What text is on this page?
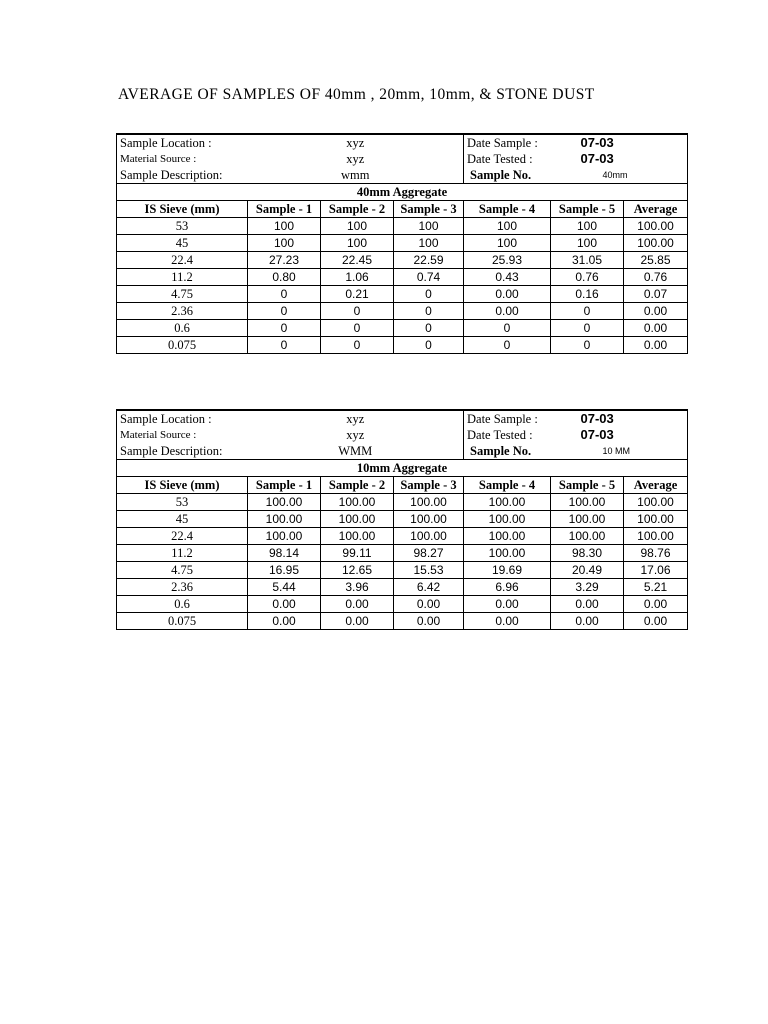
AVERAGE OF SAMPLES OF 40mm , 20mm, 10mm, & STONE DUST
Sample Location :	xyz			Date Sample :	07-03	
Material Source :	xyz			Date Tested :	07-03	
Sample Description:	wmm			Sample No.	40mm	
40mm Aggregate						
IS Sieve (mm)	Sample - 1	Sample - 2	Sample - 3	Sample - 4	Sample - 5	Average
53	100	100	100	100	100	100.00
45	100	100	100	100	100	100.00
22.4	27.23	22.45	22.59	25.93	31.05	25.85
11.2	0.80	1.06	0.74	0.43	0.76	0.76
4.75	0	0.21	0	0.00	0.16	0.07
2.36	0	0	0	0.00	0	0.00
0.6	0	0	0	0	0	0.00
0.075	0	0	0	0	0	0.00
Sample Location :	xyz			Date Sample :	07-03	
Material Source :	xyz			Date Tested :	07-03	
Sample Description:	WMM			Sample No.	10 MM	
10mm Aggregate						
IS Sieve (mm)	Sample - 1	Sample - 2	Sample - 3	Sample - 4	Sample - 5	Average
53	100.00	100.00	100.00	100.00	100.00	100.00
45	100.00	100.00	100.00	100.00	100.00	100.00
22.4	100.00	100.00	100.00	100.00	100.00	100.00
11.2	98.14	99.11	98.27	100.00	98.30	98.76
4.75	16.95	12.65	15.53	19.69	20.49	17.06
2.36	5.44	3.96	6.42	6.96	3.29	5.21
0.6	0.00	0.00	0.00	0.00	0.00	0.00
0.075	0.00	0.00	0.00	0.00	0.00	0.00
